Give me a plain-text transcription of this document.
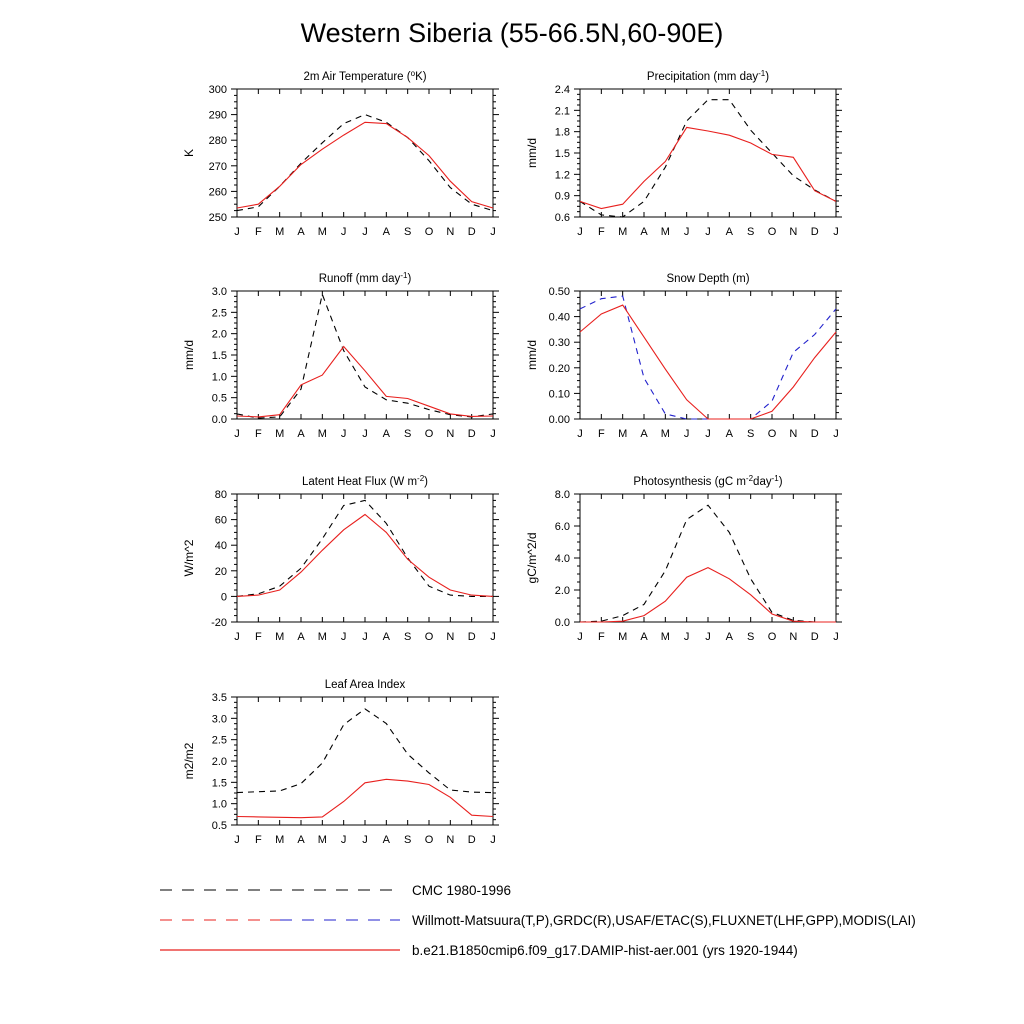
Western Siberia (55-66.5N,60-90E)
2m Air Temperature ($^o$K)
J F M A M J J A S O N D J
250
260
270
280
290
300
K
Precipitation (mm day$^{-1}$)
J F M A M J J A S O N D J
0.6
0.9
1.2
1.5
1.8
2.1
2.4
mm/d
Runoff (mm day$^{-1}$)
J F M A M J J A S O N D J
0.0
0.5
1.0
1.5
2.0
2.5
3.0
mm/d
Snow Depth (m)
J F M A M J J A S O N D J
0.00
0.10
0.20
0.30
0.40
0.50
mm/d
Latent Heat Flux (W $m^{-2}$)
J F M A M J J A S O N D J
-20
0
20
40
60
80
W/m^2
Photosynthesis (gC $m^{-2}day^{-1}$)
J F M A M J J A S O N D J
0.0
2.0
4.0
6.0
8.0
gC/m^2/d
Leaf Area Index
J F M A M J J A S O N D J
0.5
1.0
1.5
2.0
2.5
3.0
3.5
m2/m2
CMC 1980-1996
Willmott-Matsuura(T,P),GRDC(R),USAF/ETAC(S),FLUXNET(LHF,GPP),MODIS(LAI)
b.e21.B1850cmip6.f09_g17.DAMIP-hist-aer.001 (yrs 1920-1944)
